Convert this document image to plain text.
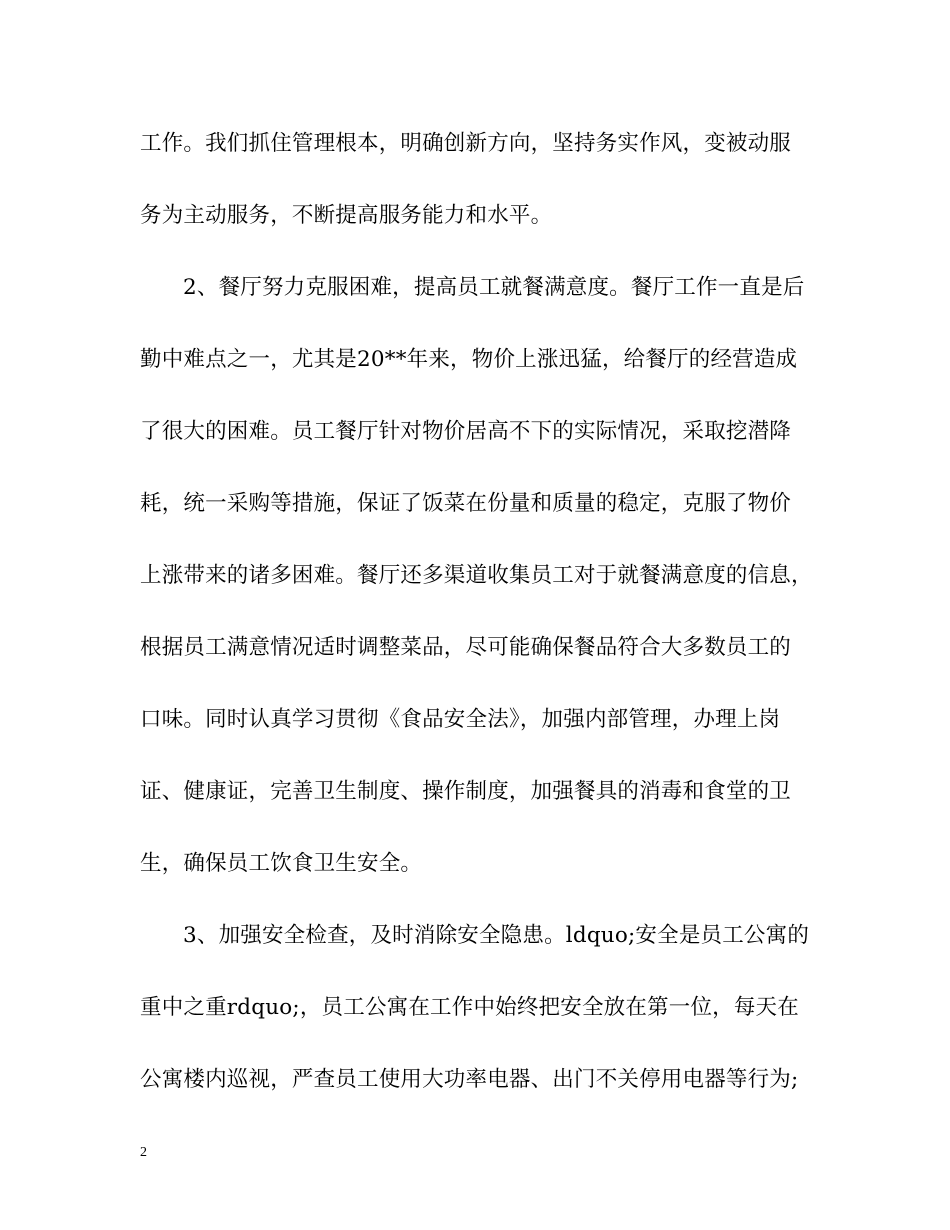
工作。我们抓住管理根本，明确创新方向，坚持务实作风，变被动服
务为主动服务，不断提高服务能力和水平。
2、餐厅努力克服困难，提高员工就餐满意度。餐厅工作一直是后
勤中难点之一，尤其是20**年来，物价上涨迅猛，给餐厅的经营造成
了很大的困难。员工餐厅针对物价居高不下的实际情况，采取挖潜降
耗，统一采购等措施，保证了饭菜在份量和质量的稳定，克服了物价
上涨带来的诸多困难。餐厅还多渠道收集员工对于就餐满意度的信息，
根据员工满意情况适时调整菜品，尽可能确保餐品符合大多数员工的
口味。同时认真学习贯彻《食品安全法》，加强内部管理，办理上岗
证、健康证，完善卫生制度、操作制度，加强餐具的消毒和食堂的卫
生，确保员工饮食卫生安全。
3、加强安全检查，及时消除安全隐患。ldquo;安全是员工公寓的
重中之重rdquo;，员工公寓在工作中始终把安全放在第一位，每天在
公寓楼内巡视，严查员工使用大功率电器、出门不关停用电器等行为;
2
